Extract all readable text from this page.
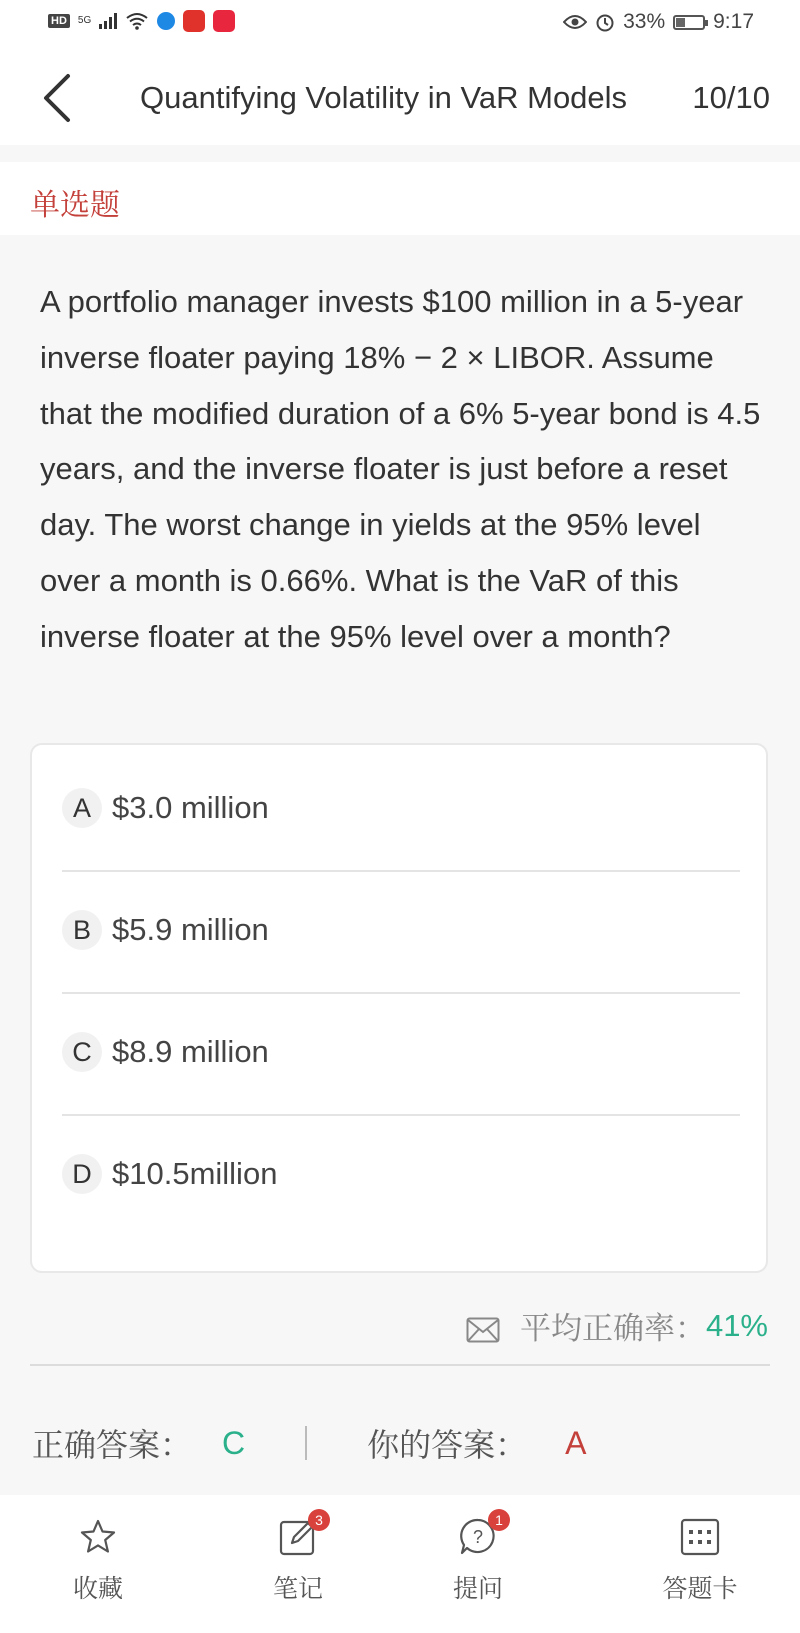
HD	5G	33% 9:17
Quantifying Volatility in VaR Models 10/10
单选题
A portfolio manager invests $100 million in a 5-year inverse floater paying 18% − 2 × LIBOR. Assume that the modified duration of a 6% 5-year bond is 4.5 years, and the inverse floater is just before a reset day. The worst change in yields at the 95% level over a month is 0.66%. What is the VaR of this inverse floater at the 95% level over a month?
A $3.0 million
B $5.9 million
C $8.9 million
D $10.5million
平均正确率： 41%
正确答案： C	你的答案： A
收藏
3
笔记
?
1
提问	答题卡
